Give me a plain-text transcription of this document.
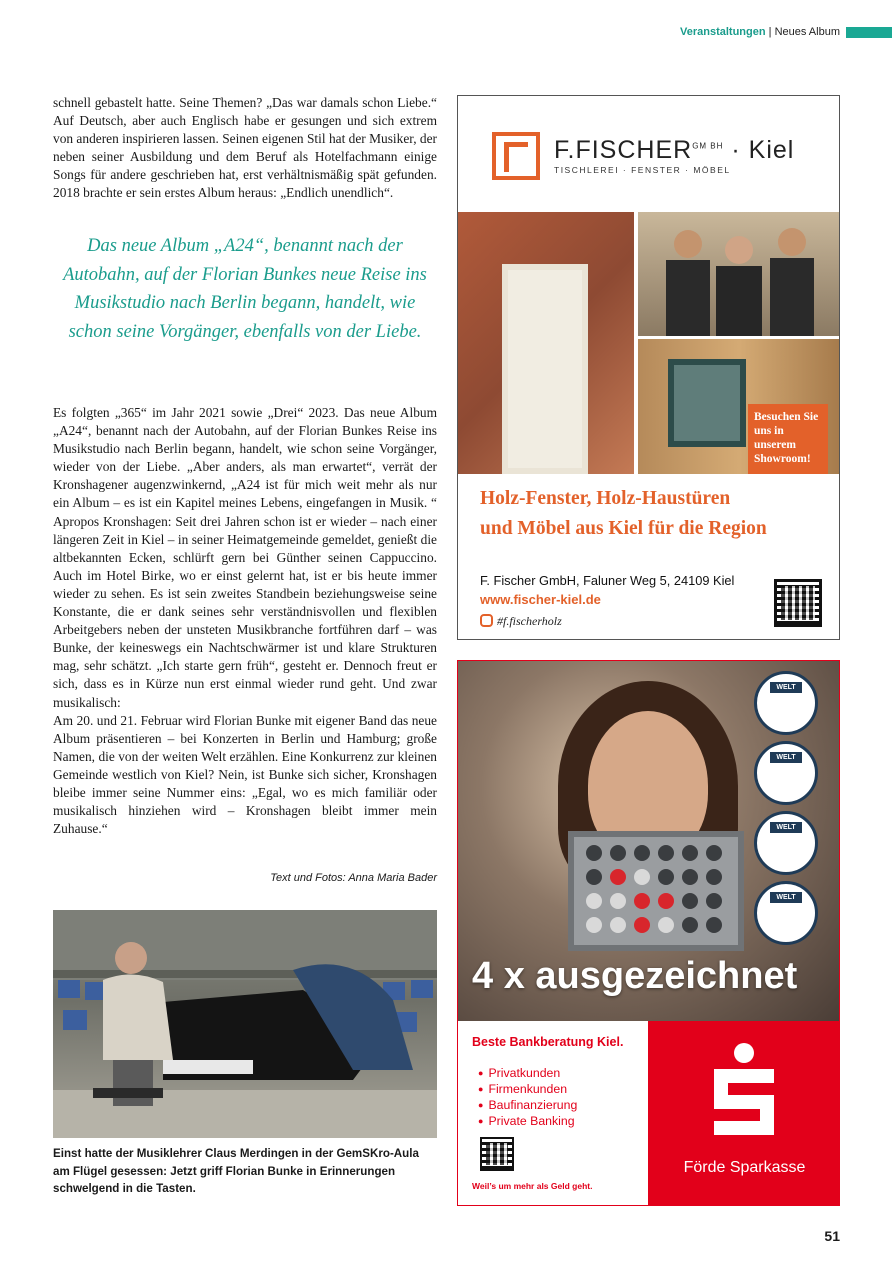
Veranstaltungen | Neues Album

schnell gebastelt hatte. Seine Themen? „Das war damals schon Liebe.“ Auf Deutsch, aber auch Englisch habe er gesungen und sich extrem von anderen inspirieren lassen. Seinen eigenen Stil hat der Musiker, der neben seiner Ausbildung und dem Beruf als Hotelfachmann einige Songs für andere geschrieben hat, erst verhältnismäßig spät gefunden. 2018 brachte er sein erstes Album heraus: „Endlich unendlich“.

Das neue Album „A24“, benannt nach der Autobahn, auf der Florian Bunkes neue Reise ins Musikstudio nach Berlin begann, handelt, wie schon seine Vorgänger, ebenfalls von der Liebe.

Es folgten „365“ im Jahr 2021 sowie „Drei“ 2023. Das neue Album „A24“, benannt nach der Autobahn, auf der Florian Bunkes Reise ins Musikstudio nach Berlin begann, handelt, wie schon seine Vorgänger, wieder von der Liebe. „Aber anders, als man erwartet“, verrät der Kronshagener augenzwinkernd, „A24 ist für mich weit mehr als nur ein Album – es ist ein Kapitel meines Lebens, eingefangen in Musik. “ Apropos Kronshagen: Seit drei Jahren schon ist er wieder – nach einer längeren Zeit in Kiel – in seiner Heimatgemeinde gemeldet, genießt die altbekannten Ecken, schlürft gern bei Günther seinen Cappuccino. Auch im Hotel Birke, wo er einst gelernt hat, ist er bis heute immer wieder zu sehen. Es ist sein zweites Standbein beziehungsweise seine Konstante, die er dank seines sehr verständnisvollen und flexiblen Arbeitgebers neben der unsteten Musikbranche fortführen darf – was Bunke, der keineswegs ein Nachtschwärmer ist und klare Strukturen mag, sehr schätzt. „Ich starte gern früh“, gesteht er. Dennoch freut er sich, dass es in Kürze nun erst einmal wieder rund geht. Und zwar musikalisch:

Am 20. und 21. Februar wird Florian Bunke mit eigener Band das neue Album präsentieren – bei Konzerten in Berlin und Hamburg; große Namen, die von der weiten Welt erzählen. Eine Konkurrenz zur kleinen Gemeinde westlich von Kiel? Nein, ist Bunke sich sicher, Kronshagen bleibe immer seine Nummer eins: „Egal, wo es mich familiär oder musikalisch hinziehen wird – Kronshagen bleibt immer mein Zuhause.“

Text und Fotos: Anna Maria Bader

Einst hatte der Musiklehrer Claus Merdingen in der GemSKro-Aula am Flügel gesessen: Jetzt griff Florian Bunke in Erinnerungen schwelgend in die Tasten.

$F.FISCHER^{GM BH}$ · Kiel
TISCHLEREI · FENSTER · MÖBEL
Besuchen Sie uns in unserem Showroom!
Holz-Fenster, Holz-Haustüren
und Möbel aus Kiel für die Region
F. Fischer GmbH, Faluner Weg 5, 24109 Kiel
www.fischer-kiel.de
#f.fischerholz
WELT
WELT
WELT
WELT
4 x ausgezeichnet
Beste Bankberatung Kiel.
● Privatkunden
● Firmenkunden
● Baufinanzierung
● Private Banking
Weil’s um mehr als Geld geht.
Förde Sparkasse
51
